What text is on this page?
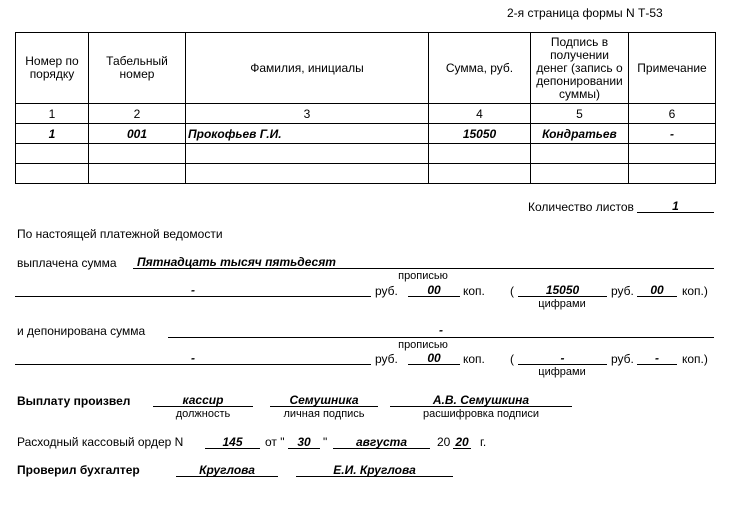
2-я страница формы N Т-53
Номер по порядку	Табельный номер	Фамилия, инициалы	Сумма, руб.	Подпись в получении денег (запись о депонировании суммы)	Примечание
1	2	3	4	5	6
1	001	Прокофьев Г.И.	15050	Кондратьев	-

Количество листов	1
По настоящей платежной ведомости
выплачена сумма Пятнадцать тысяч пятьдесят
прописью
-	руб.	00	коп. (	15050	руб.	00	коп.)
цифрами
и депонирована сумма	-
прописью
-	руб.	00	коп. (	-	руб.	-	коп.)
цифрами
Выплату произвел	кассир
должность
Семушника
личная подпись
А.В. Семушкина
расшифровка подписи
Расходный кассовый ордер N	145	от "	30	"	августа	20 20 г.
Проверил бухгалтер	Круглова	Е.И. Круглова
